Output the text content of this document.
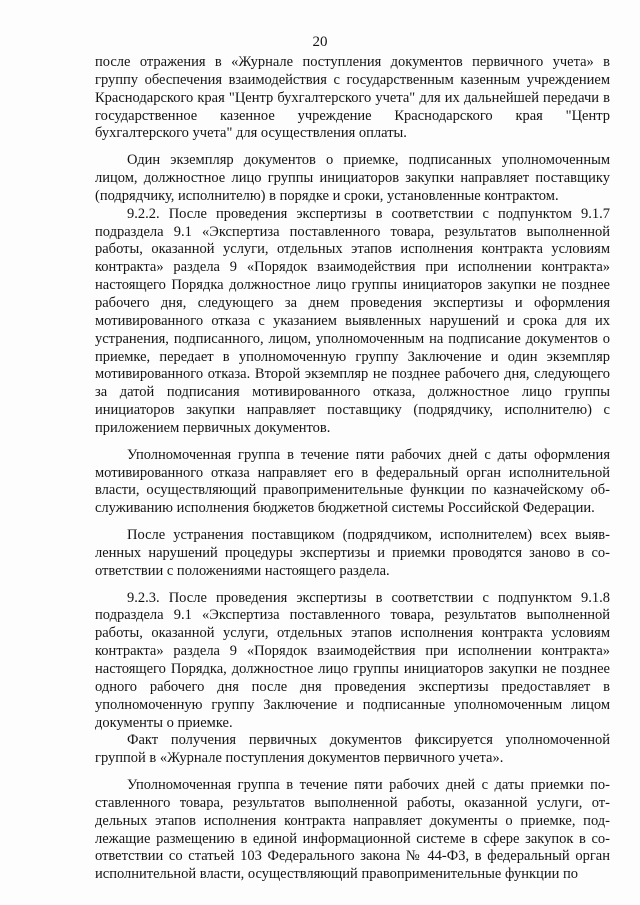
20

после отражения в «Журнале поступления документов первичного учета» в группу обеспечения взаимодействия с государственным казенным учреждением Краснодарского края "Центр бухгалтерского учета" для их дальнейшей передачи в государственное казенное учреждение Краснодарского края "Центр бухгалтерского учета" для осуществления оплаты.

Один экземпляр документов о приемке, подписанных уполномоченным лицом, должностное лицо группы инициаторов закупки направляет поставщику (подрядчику, исполнителю) в порядке и сроки, установленные контрактом.

9.2.2. После проведения экспертизы в соответствии с подпунктом 9.1.7 подраздела 9.1 «Экспертиза поставленного товара, результатов выполненной работы, оказанной услуги, отдельных этапов исполнения контракта условиям контракта» раздела 9 «Порядок взаимодействия при исполнении контракта» настоящего Порядка должностное лицо группы инициаторов закупки не позднее рабочего дня, следующего за днем проведения экспертизы и оформления мотивированного отказа с указанием выявленных нарушений и срока для их устранения, подписанного, лицом, уполномоченным на подписание документов о приемке, передает в уполномоченную группу Заключение и один экземпляр мотивированного отказа. Второй экземпляр не позднее рабочего дня, следующего за датой подписания мотивированного отказа, должностное лицо группы инициаторов закупки направляет поставщику (подрядчику, исполнителю) с приложением первичных документов.

Уполномоченная группа в течение пяти рабочих дней с даты оформления мотивированного отказа направляет его в федеральный орган исполнительной власти, осуществляющий правоприменительные функции по казначейскому обслуживанию исполнения бюджетов бюджетной системы Российской Федерации.

После устранения поставщиком (подрядчиком, исполнителем) всех выявленных нарушений процедуры экспертизы и приемки проводятся заново в соответствии с положениями настоящего раздела.

9.2.3. После проведения экспертизы в соответствии с подпунктом 9.1.8 подраздела 9.1 «Экспертиза поставленного товара, результатов выполненной работы, оказанной услуги, отдельных этапов исполнения контракта условиям контракта» раздела 9 «Порядок взаимодействия при исполнении контракта» настоящего Порядка, должностное лицо группы инициаторов закупки не позднее одного рабочего дня после дня проведения экспертизы предоставляет в уполномоченную группу Заключение и подписанные уполномоченным лицом документы о приемке.

Факт получения первичных документов фиксируется уполномоченной группой в «Журнале поступления документов первичного учета».

Уполномоченная группа в течение пяти рабочих дней с даты приемки поставленного товара, результатов выполненной работы, оказанной услуги, отдельных этапов исполнения контракта направляет документы о приемке, подлежащие размещению в единой информационной системе в сфере закупок в соответствии со статьей 103 Федерального закона № 44-ФЗ, в федеральный орган исполнительной власти, осуществляющий правоприменительные функции по
